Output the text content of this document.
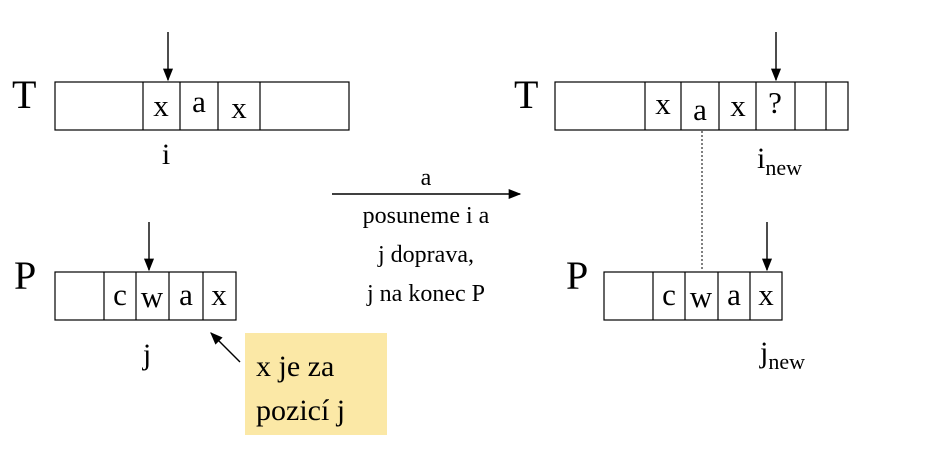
T	x a x
i
P c w a x
j	x je za
pozicí j
a
posuneme i a
j doprava,
j na konec P
T	x a x ?
inew
P c w a x
jnew
